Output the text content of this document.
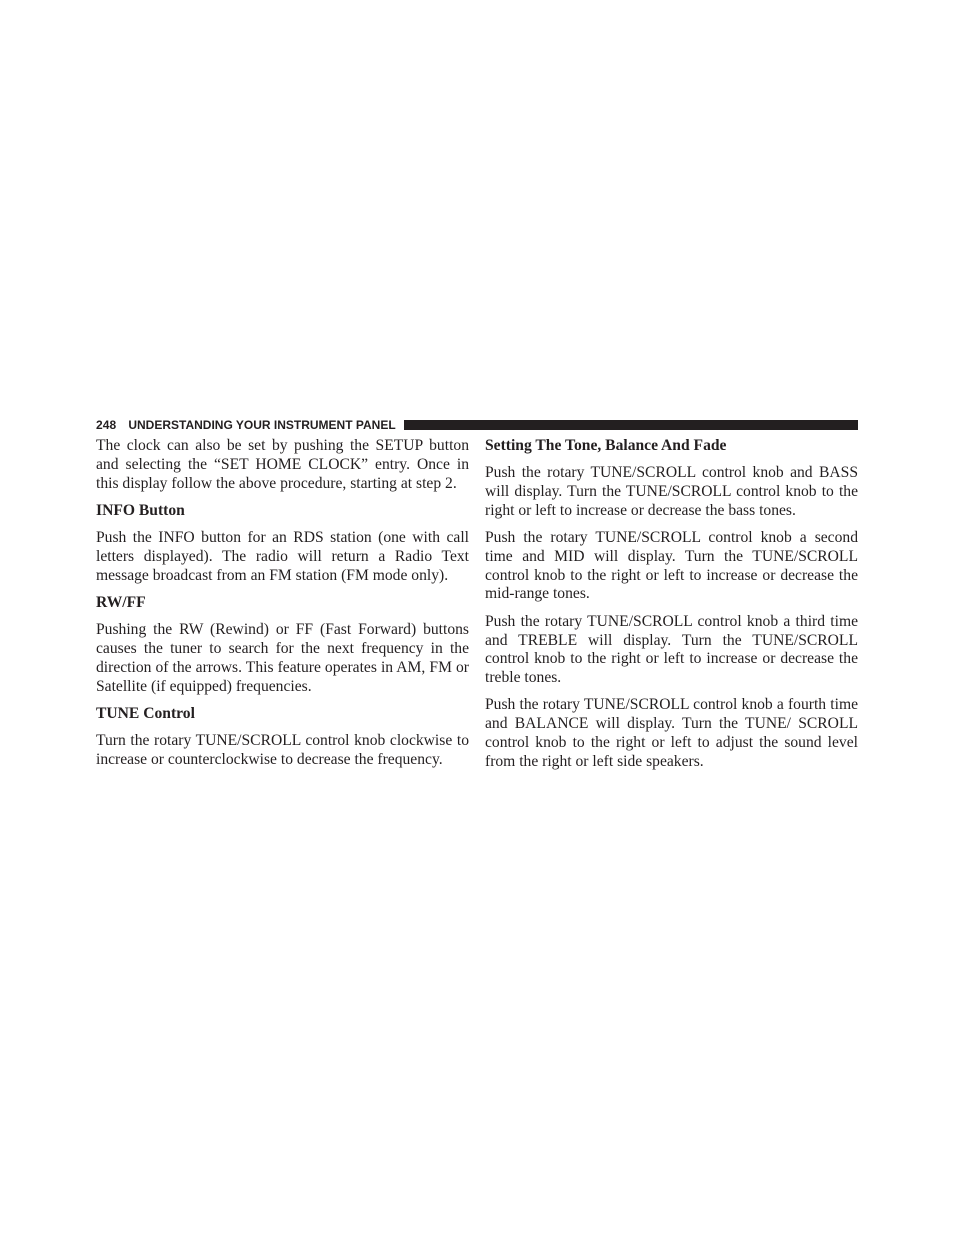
248 UNDERSTANDING YOUR INSTRUMENT PANEL

The clock can also be set by pushing the SETUP button and selecting the “SET HOME CLOCK” entry. Once in this display follow the above procedure, starting at step 2.

INFO Button

Push the INFO button for an RDS station (one with call letters displayed). The radio will return a Radio Text message broadcast from an FM station (FM mode only).

RW/FF

Pushing the RW (Rewind) or FF (Fast Forward) buttons causes the tuner to search for the next frequency in the direction of the arrows. This feature operates in AM, FM or Satellite (if equipped) frequencies.

TUNE Control

Turn the rotary TUNE/SCROLL control knob clockwise to increase or counterclockwise to decrease the frequency.

Setting The Tone, Balance And Fade

Push the rotary TUNE/SCROLL control knob and BASS will display. Turn the TUNE/SCROLL control knob to the right or left to increase or decrease the bass tones.

Push the rotary TUNE/SCROLL control knob a second time and MID will display. Turn the TUNE/SCROLL control knob to the right or left to increase or decrease the mid-range tones.

Push the rotary TUNE/SCROLL control knob a third time and TREBLE will display. Turn the TUNE/SCROLL control knob to the right or left to increase or decrease the treble tones.

Push the rotary TUNE/SCROLL control knob a fourth time and BALANCE will display. Turn the TUNE/ SCROLL control knob to the right or left to adjust the sound level from the right or left side speakers.
